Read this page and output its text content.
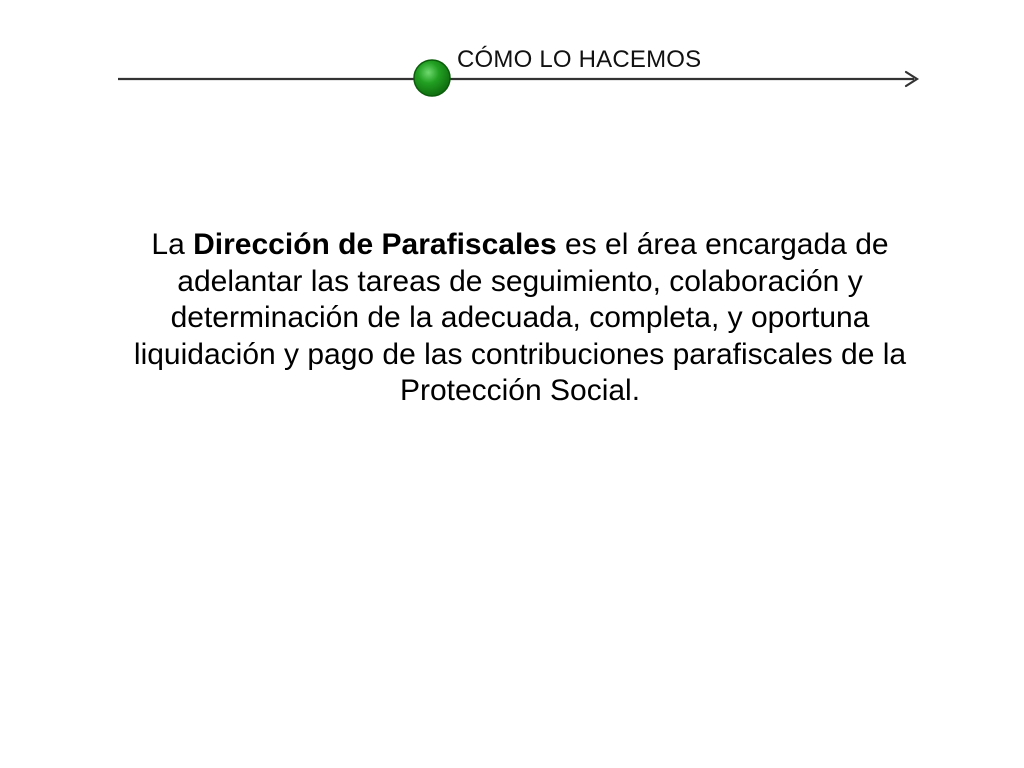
CÓMO LO HACEMOS

La Dirección de Parafiscales es el área encargada de adelantar las tareas de seguimiento, colaboración y determinación de la adecuada, completa, y oportuna liquidación y pago de las contribuciones parafiscales de la Protección Social.
